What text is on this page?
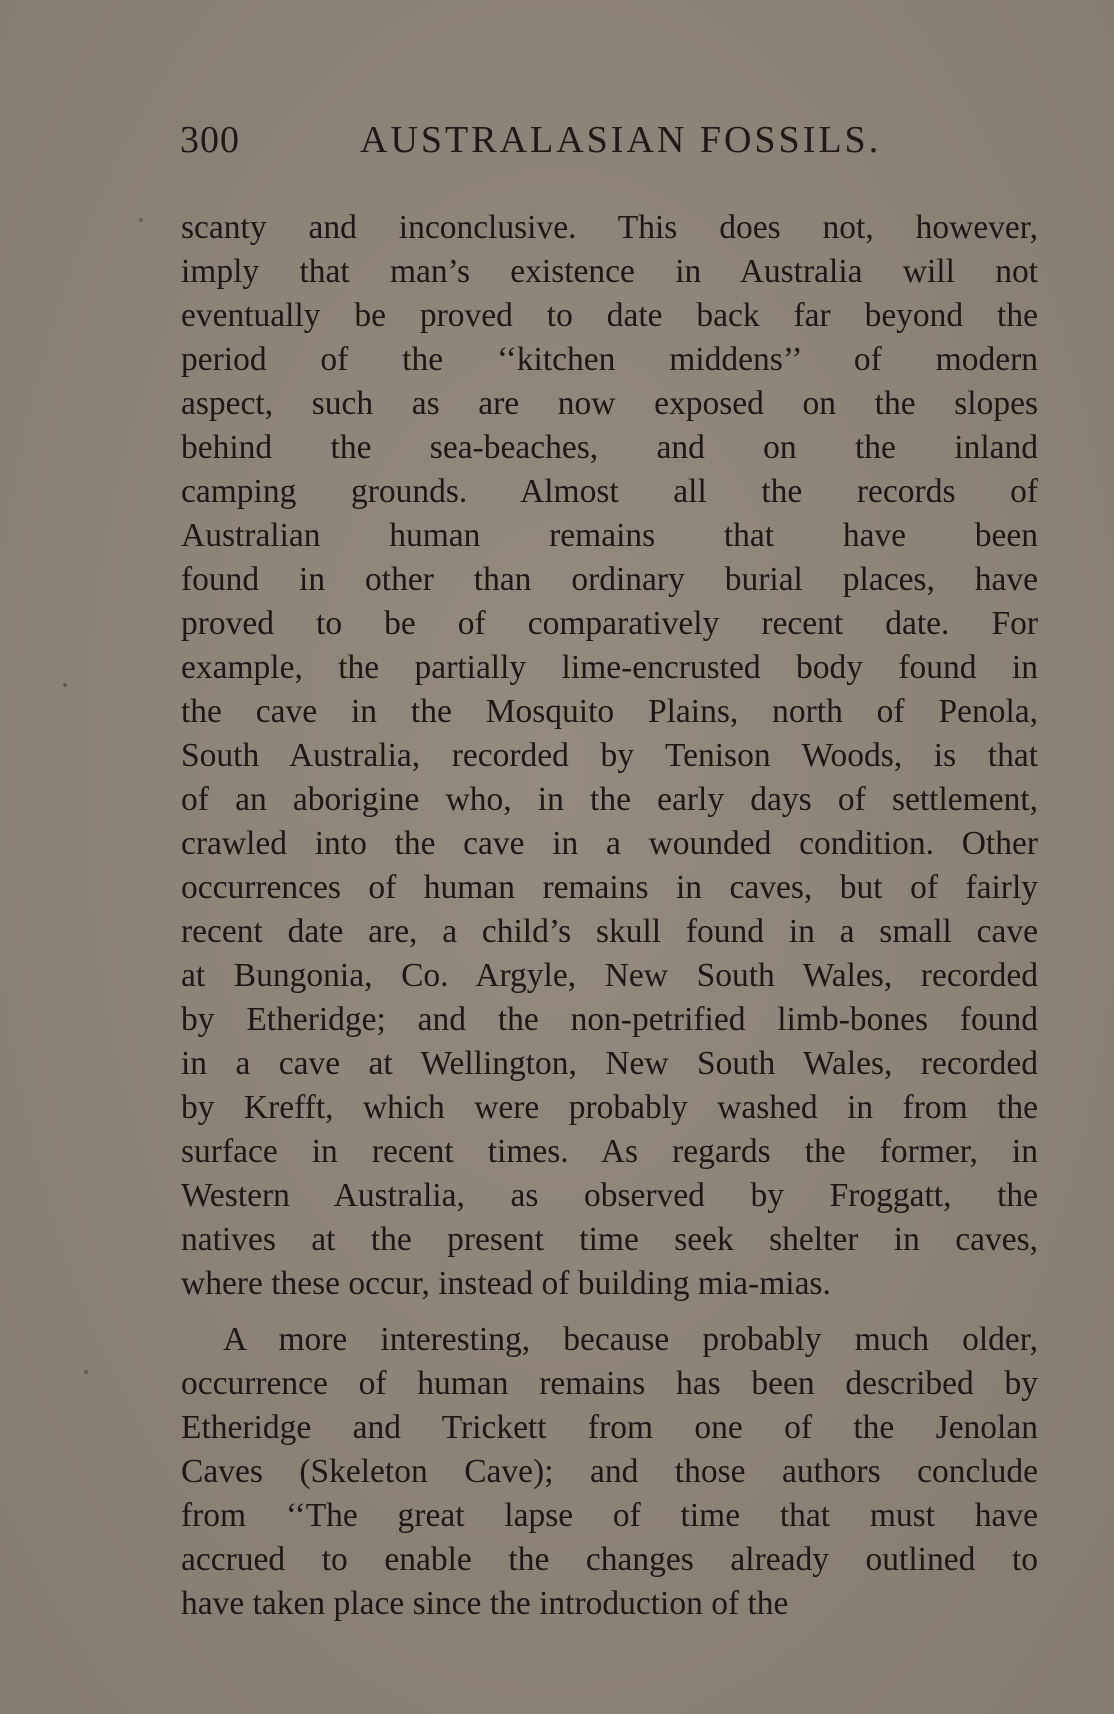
300	AUSTRALASIAN FOSSILS.
scanty and inconclusive. This does not, however,
imply that man’s existence in Australia will not
eventually be proved to date back far beyond the
period of the ‘‘kitchen middens’’ of modern
aspect, such as are now exposed on the slopes
behind the sea-beaches, and on the inland
camping grounds. Almost all the records of
Australian human remains that have been
found in other than ordinary burial places, have
proved to be of comparatively recent date. For
example, the partially lime-encrusted body found in
the cave in the Mosquito Plains, north of Penola,
South Australia, recorded by Tenison Woods, is that
of an aborigine who, in the early days of settlement,
crawled into the cave in a wounded condition. Other
occurrences of human remains in caves, but of fairly
recent date are, a child’s skull found in a small cave
at Bungonia, Co. Argyle, New South Wales, recorded
by Etheridge; and the non-petrified limb-bones found
in a cave at Wellington, New South Wales, recorded
by Krefft, which were probably washed in from the
surface in recent times. As regards the former, in
Western Australia, as observed by Froggatt, the
natives at the present time seek shelter in caves,
where these occur, instead of building mia-mias.
A more interesting, because probably much older,
occurrence of human remains has been described by
Etheridge and Trickett from one of the Jenolan
Caves (Skeleton Cave); and those authors conclude
from ‘‘The great lapse of time that must have
accrued to enable the changes already outlined to
have taken place since the introduction of the
